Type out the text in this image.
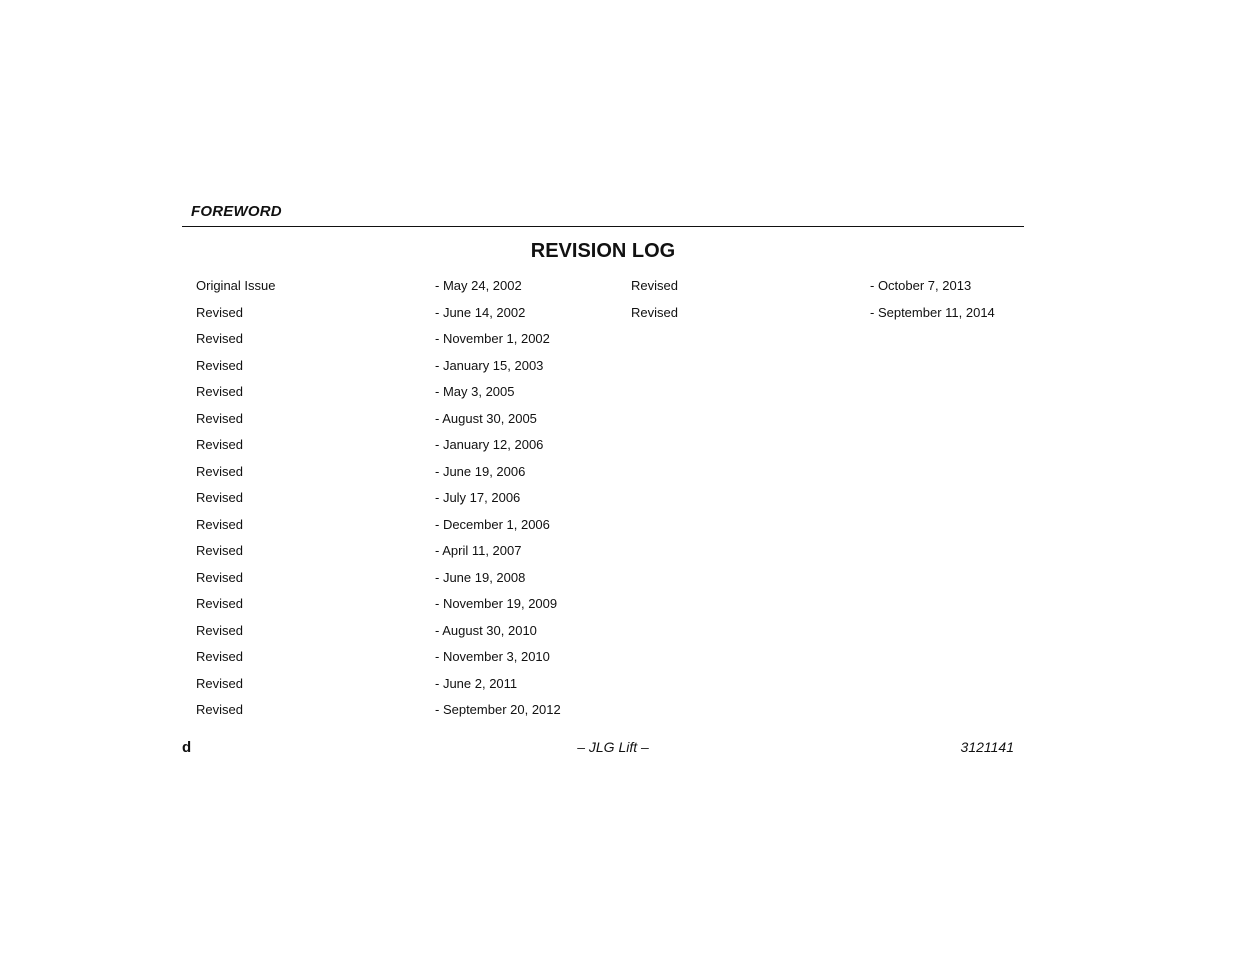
FOREWORD
REVISION LOG
Original Issue
Revised
Revised
Revised
Revised
Revised
Revised
Revised
Revised
Revised
Revised
Revised
Revised
Revised
Revised
Revised
Revised
- May 24, 2002
- June 14, 2002
- November 1, 2002
- January 15, 2003
- May 3, 2005
- August 30, 2005
- January 12, 2006
- June 19, 2006
- July 17, 2006
- December 1, 2006
- April 11, 2007
- June 19, 2008
- November 19, 2009
- August 30, 2010
- November 3, 2010
- June 2, 2011
- September 20, 2012
Revised
Revised
- October 7, 2013
- September 11, 2014
d	– JLG Lift –	3121141
